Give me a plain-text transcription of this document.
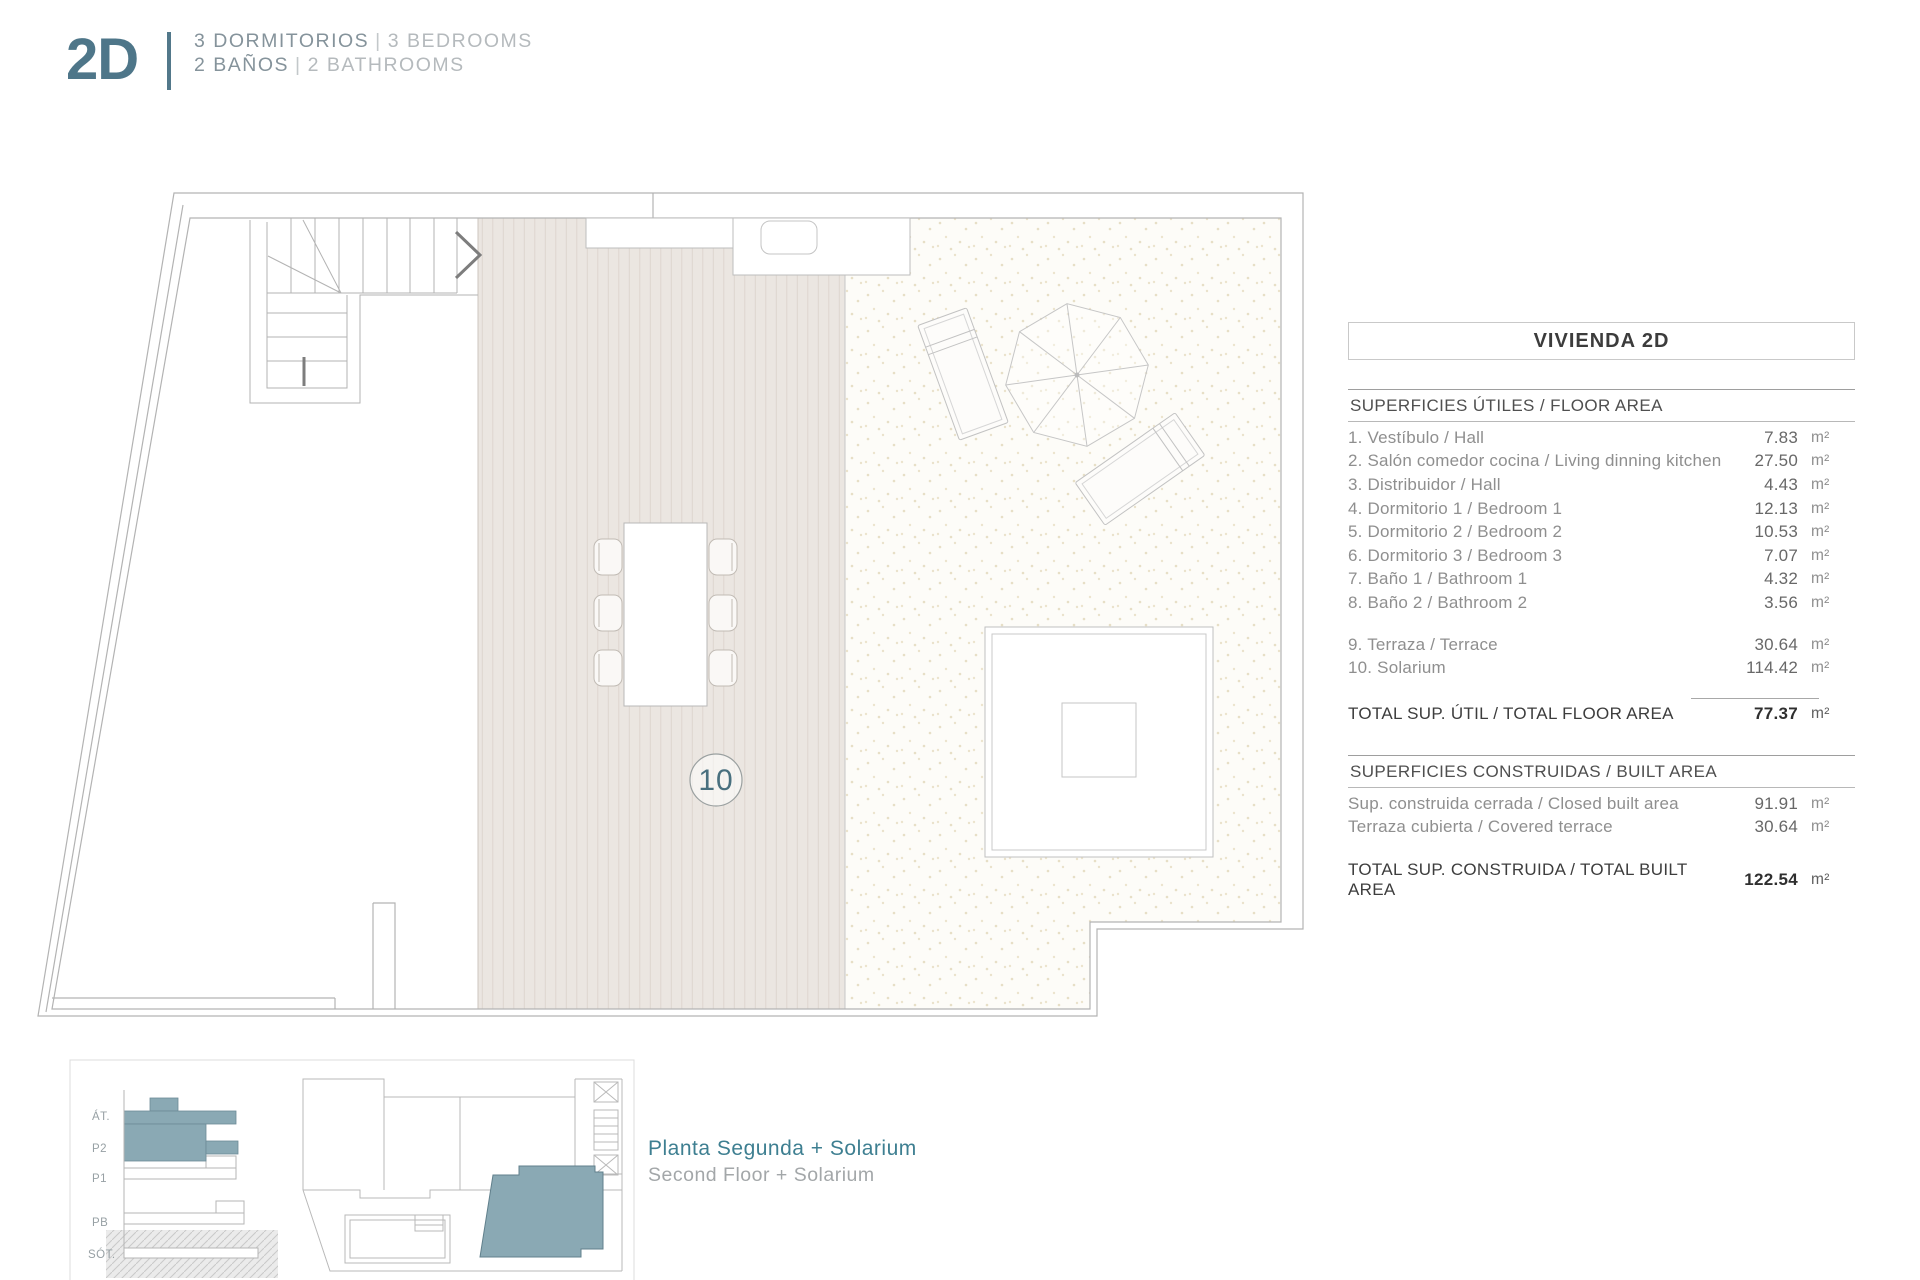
2D	3 DORMITORIOS | 3 BEDROOMS
2 BAÑOS | 2 BATHROOMS
10
ÁT.
P2
P1
PB
SÓT.
Planta Segunda + Solarium
Second Floor + Solarium
VIVIENDA 2D
SUPERFICIES ÚTILES / FLOOR AREA
1. Vestíbulo / Hall	7.83 m²
2. Salón comedor cocina / Living dinning kitchen	27.50 m²
3. Distribuidor / Hall	4.43 m²
4. Dormitorio 1 / Bedroom 1	12.13 m²
5. Dormitorio 2 / Bedroom 2	10.53 m²
6. Dormitorio 3 / Bedroom 3	7.07 m²
7. Baño 1 / Bathroom 1	4.32 m²
8. Baño 2 / Bathroom 2	3.56 m²
9. Terraza / Terrace	30.64 m²
10. Solarium	114.42 m²
TOTAL SUP. ÚTIL / TOTAL FLOOR AREA	77.37 m²
SUPERFICIES CONSTRUIDAS / BUILT AREA
Sup. construida cerrada / Closed built area	91.91 m²
Terraza cubierta / Covered terrace	30.64 m²
TOTAL SUP. CONSTRUIDA / TOTAL BUILT AREA
122.54 m²
